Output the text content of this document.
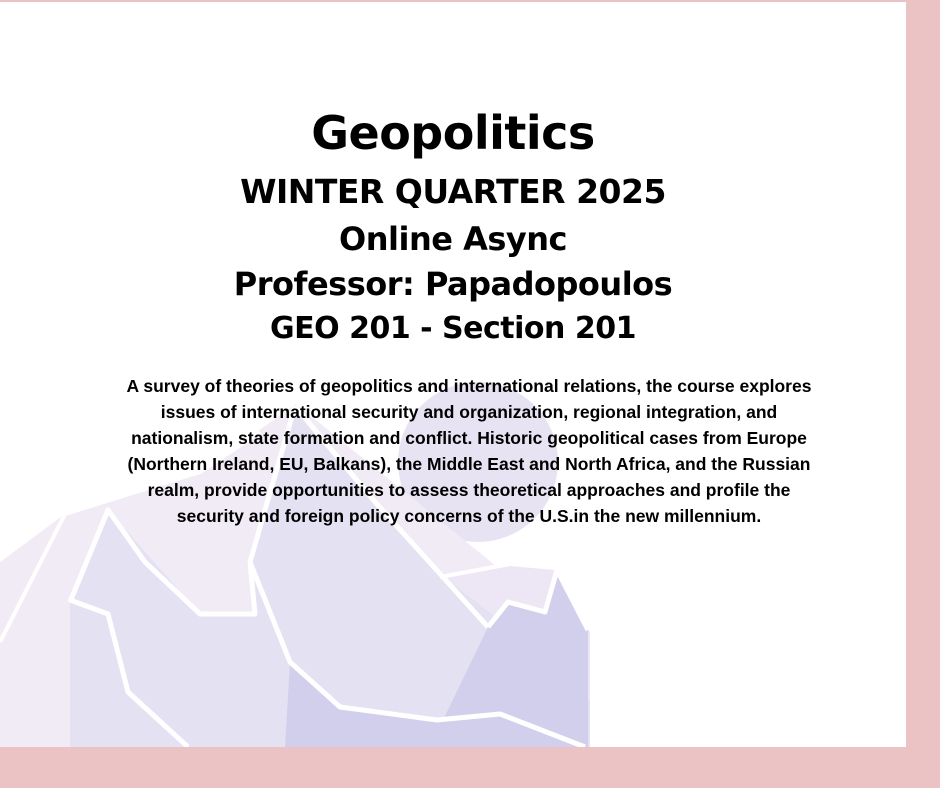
Geopolitics
WINTER QUARTER 2025
Online Async
Professor: Papadopoulos
GEO 201 - Section 201
A survey of theories of geopolitics and international relations, the course explores
issues of international security and organization, regional integration, and
nationalism, state formation and conflict. Historic geopolitical cases from Europe
(Northern Ireland, EU, Balkans), the Middle East and North Africa, and the Russian
realm, provide opportunities to assess theoretical approaches and profile the
security and foreign policy concerns of the U.S.in the new millennium.
